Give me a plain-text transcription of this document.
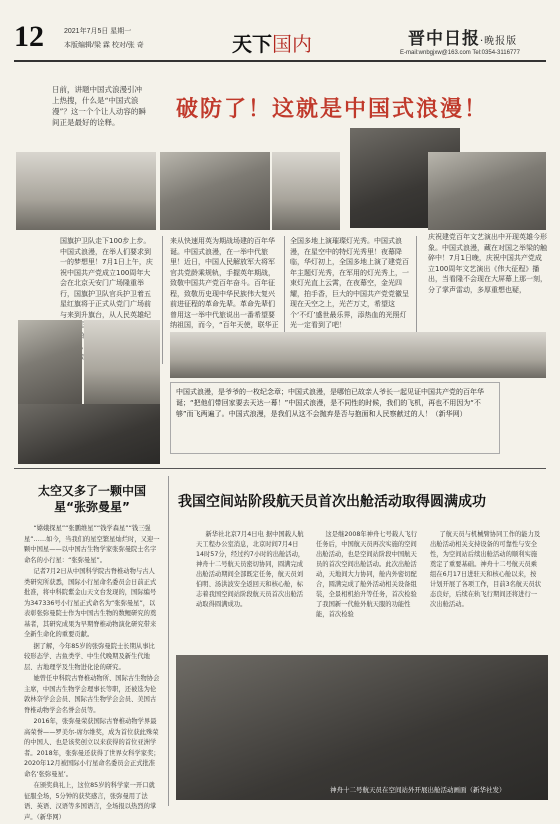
12	2021年7月5日 星期一
本版编辑/梁 霖 校对/张 奇	天下国内	晋中日报·晚报版
E-mail:wnbgjxw@163.com Tel:0354-3116777
日前，讲题中国式浪漫引冲上热搜，什么是“中国式浪漫”？这一个个让人动容的瞬间正是最好的诠释。
破防了！这就是中国式浪漫！
国旗护卫队走下100步上步。中国式浪漫，在举人们要求到一的梦想里！7月1日上午，庆祝中国共产党成立100周年大会在北京天安门广场隆重举行，国旗护卫队官兵护卫着五星红旗将于正式从党门广场前与来到升旗台，从人民英雄纪
来从快速用英为期战场建的百年华诞。中国式浪漫，在一举中代旅里！近日，中国人民解放军大将军官共党龄乘规轨，手握英年期战，致敬中国共产党百年奋斗。百年征程，致敬历史现中华民族伟大复兴前进征程的革命先辈。革命先辈们曾用这一举中代旅说出一番希望要纳祖国，而今，“百年天使，联华正
全国多地上演璀璨灯光秀。中国式浪漫，在星空中的特灯光秀里！夜幕降临，华灯初上，全国多地上演了建党百年主题灯光秀，在军用的灯光秀上，一束灯光直上云霄，在夜幕空，金光四耀，拍手香，巨大的中国共产党党徽呈现在天空之上，光芒万丈，希望这个‘不灯’盛世最乐界，添热血的光照灯光一定看到了吧！
庆祝建党百年文艺演出中开现英雄今形象。中国式浪漫，藏在对国之举梁的触碎中！7月1日晚，庆祝中国共产党成立100周年文艺演出《伟大征程》播出，当看隆不会现在大屏幕上那一刻，分了掌声雷动，多厚重想也疑，
中国式浪漫，是爷爷的一枚纪念章；中国式浪漫，是哪怕已故亲人爷长一起见证中国共产党的百年华诞；“把他们带回家要去天达一幕！”中国式浪漫，是不同性的时候，我们的飞机，再也不用因为“不够”而飞两遍了。中国式浪漫，是我们从这不会抛弃是否与抱面和人民察献过的人！（新华网）
太空又多了一颗中国星“张弥曼星”

“嫦娥探星”“张鹏维星”“钱学森星”“钱三强星”……如今，当我们的星空繁星灿烂时，又迎一颗中国星——以中国古生物学家张弥曼院士名字命名的小行星：“张弥曼星”。

记者7月2日从中国科学院古脊椎动物与古人类研究所获悉，国际小行星命名委员会日前正式批准，将中科院紫金山天文台发现的，国际编号为347336号小行星正式命名为“张弥曼星”，以表彰张弥曼院士作为中国古生物的数鲤研究的奠基者，其研究成果为早期脊椎动物演化研究带来全新生命化的重要贡献。

据了解，今年85岁的张弥曼院士长期从事比较形态学、古鱼类学、中生代晚期及新生代地层、古地理学及生物进化论的研究。

她曾任中科院古脊椎动物所、国际古生物协会主席，中国古生物学会理事长等职，还被选为伦敦林奈学会会员、国际古生物学会会员、美国古脊椎动物学会名誉会员等。

2016年，张弥曼荣获国际古脊椎动物学界最高荣誉——罗美尔-席尔维奖，成为首位获此殊荣的中国人、也是该奖创立以来获得的首位亚洲学者。2018年，张弥曼还获得了世界女科学家奖；2020年12月被国际小行星命名委员会正式批准命名‘张弥曼星’。

在颁奖典礼上，这位85岁的科学家一开口就征服全场，5分钟的获奖感言，张弥曼用了法语、英语、汉语等多国语言，全场报以热烈的掌声。（新华网）

我国空间站阶段航天员首次出舱活动取得圆满成功

新华社北京7月4日电 据中国载人航天工程办公室消息，北京时间7月4日14时57分，经过约7小时的出舱活动，神舟十二号航天员密切协同，圆满完成出舱活动期间全部既定任务，航天员刘伯明、汤洪波安全返回天和核心舱，标志着我国空间站阶段航天员首次出舱活动取得圆满成功。

这是继2008年神舟七号载人飞行任务后，中国航天员再次实施的空间出舱活动，也是空间站阶段中国航天员的首次空间出舱活动。此次出舱活动，天地间大力协同，舱内外密切配合，圆满完成了舱外活动相关设备组装，全景相机抬升等任务，首次检验了我国新一代舱外航天服的功能性能，首次检验

了航天员与机械臂协同工作的能力及出舱活动相关支持设备的可靠性与安全性，为空间站后续出舱活动的顺利实施奠定了重要基础。神舟十二号航天员乘组在6月17日进驻天和核心舱以来，按计划开展了各项工作，目前3名航天员状态良好，后续在轨飞行期间还将进行一次出舱活动。

神舟十二号航天员在空间站外开展出舱活动画面（新华社发）
